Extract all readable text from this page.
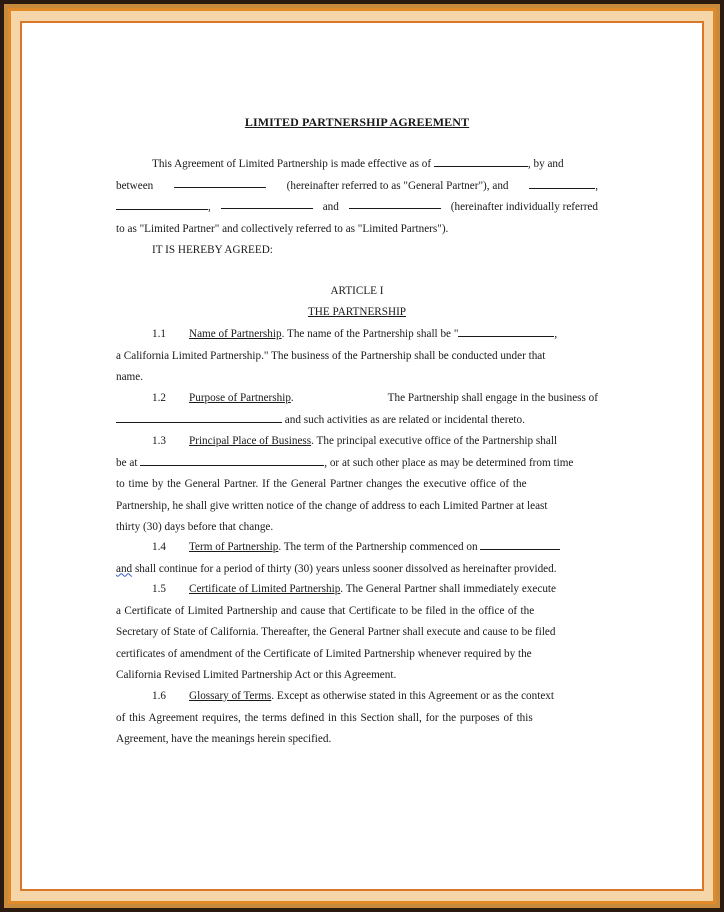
LIMITED PARTNERSHIP AGREEMENT
This Agreement of Limited Partnership is made effective as of	, by and
between	(hereinafter referred to as "General Partner"), and	,
,	and	(hereinafter individually referred
to as "Limited Partner" and collectively referred to as "Limited Partners").
IT IS HEREBY AGREED:
ARTICLE I
THE PARTNERSHIP
1.1 Name of Partnership. The name of the Partnership shall be "	,
a California Limited Partnership." The business of the Partnership shall be conducted under that
name.
1.2 Purpose of Partnership.	The Partnership shall engage in the business of
and such activities as are related or incidental thereto.
1.3 Principal Place of Business. The principal executive office of the Partnership shall
be at	, or at such other place as may be determined from time
to time by the General Partner. If the General Partner changes the executive office of the
Partnership, he shall give written notice of the change of address to each Limited Partner at least
thirty (30) days before that change.
1.4 Term of Partnership. The term of the Partnership commenced on
and shall continue for a period of thirty (30) years unless sooner dissolved as hereinafter provided.
1.5 Certificate of Limited Partnership. The General Partner shall immediately execute
a Certificate of Limited Partnership and cause that Certificate to be filed in the office of the
Secretary of State of California. Thereafter, the General Partner shall execute and cause to be filed
certificates of amendment of the Certificate of Limited Partnership whenever required by the
California Revised Limited Partnership Act or this Agreement.
1.6 Glossary of Terms. Except as otherwise stated in this Agreement or as the context
of this Agreement requires, the terms defined in this Section shall, for the purposes of this
Agreement, have the meanings herein specified.
